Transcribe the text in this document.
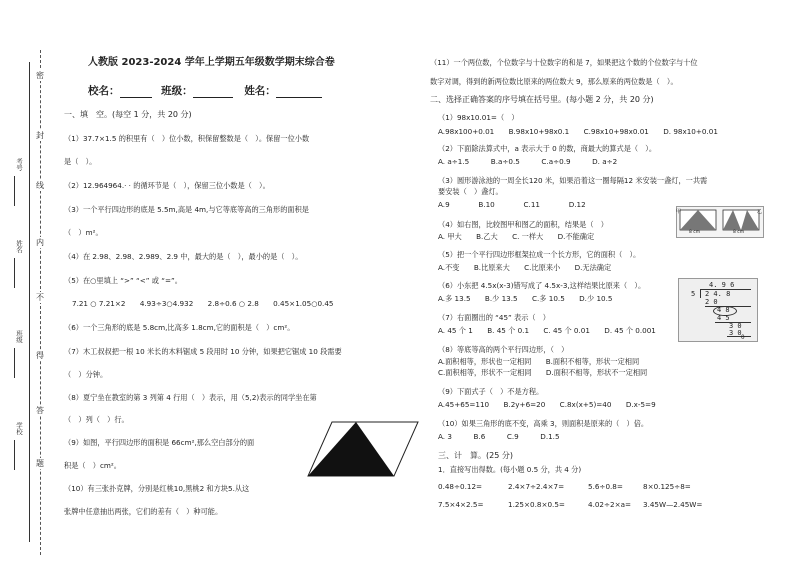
密
封
线
内
不
得
答
题
考号
姓名
班级
学校
人教版 2023-2024 学年上学期五年级数学期末综合卷
校名：	班级：	姓名：
一、填　空。(每空 1 分，共 20 分)
（1）37.7×1.5 的积里有（　）位小数，积保留整数是（　）。保留一位小数
是（　）。
（2）12.964964.· · 的循环节是（　），保留三位小数是（　）。
（3）一个平行四边形的底是 5.5m,高是 4m,与它等底等高的三角形的面积是
（　）m²。
（4）在 2.98、2.98、2.989、2.9 中，最大的是（　），最小的是（　）。
（5）在○里填上 “>” “<” 或 “=”。
7.21 ○ 7.21×2　　4.93÷3○4.932　　2.8÷0.6 ○ 2.8　　0.45×1.05○0.45
（6）一个三角形的底是 5.8cm,比高多 1.8cm,它的面积是（　）cm²。
（7）木工叔叔把一根 10 米长的木料锯成 5 段用时 10 分钟，如果把它锯成 10 段需要
（　）分钟。
（8）夏宁坐在教室的第 3 列第 4 行用（　）表示，用（5,2)表示的同学坐在第
（　）列（　）行。
（9）如图，平行四边形的面积是 66cm²,那么空白部分的面
积是（　）cm²。
（10）有三张扑克牌，分别是红桃10,黑桃2 和方块5.从这
张牌中任意抽出两张，它们的差有（　）种可能。
（11）一个两位数，个位数字与十位数字的和是 7，如果把这个数的个位数字与十位
数字对调，得到的新两位数比原来的两位数大 9，那么原来的两位数是（　）。
二、选择正确答案的序号填在括号里。(每小题 2 分，共 20 分)
（1）98x10.01=（　）
A.98x100+0.01　　B.98x10+98x0.1　　C.98x10+98x0.01　　D. 98x10+0.01
（2）下面除法算式中，a 表示大于 0 的数，商最大的算式是（　）。
A. a÷1.5　　　B.a÷0.5　　　C.a÷0.9　　　D. a÷2
（3）圆形游泳池的一周全长120 米，如果沿着这一圈每隔12 米安装一盏灯，一共需
要安装（　）盏灯。
A.9　　　　B.10　　　　C.11　　　　D.12
（4）如右图，比较图甲和图乙的面积，结果是（　）
A. 甲大　　B.乙大　　C. 一样大　　D.不能确定
（5）把一个平行四边形框架拉成一个长方形，它的面积（　）。
A.不变　　B.比原来大　　C.比原来小　　D.无法确定
（6）小东把 4.5x(x-3)错写成了 4.5x-3,这样结果比原来（　）。
A.多 13.5　　B.少 13.5　　C.多 10.5　　D.少 10.5
（7）右面圈出的 “45” 表示（　）
A. 45 个 1　　B. 45 个 0.1　　C. 45 个 0.01　　D. 45 个 0.001
（8）等底等高的两个平行四边形，（　）
A.面积相等，形状也一定相同　　B.面积不相等，形状一定相同
C.面积相等，形状不一定相同　　D.面积不相等，形状不一定相同
（9）下面式子（　）不是方程。
A.45+65=110　　B.2y+6=20　　C.8x(x+5)=40　　D.x-5=9
（10）如果三角形的底不变，高乘 3，则面积是原来的（　）倍。
A. 3　　　B.6　　　C.9　　　D.1.5
三、计　算。(25 分)
1．直接写出得数。(每小题 0.5 分，共 4 分)
0.48÷0.12=	2.4×7÷2.4×7=	5.6÷0.8=	8×0.125÷8=
7.5×4×2.5=	1.25×0.8×0.5=	4.02÷2×a= 3.45W—2.45W=
甲	乙
8 cm	8 cm
4. 9 6
5 2 4. 8
2 0
4 8
4 5
3 0
3 0
0
